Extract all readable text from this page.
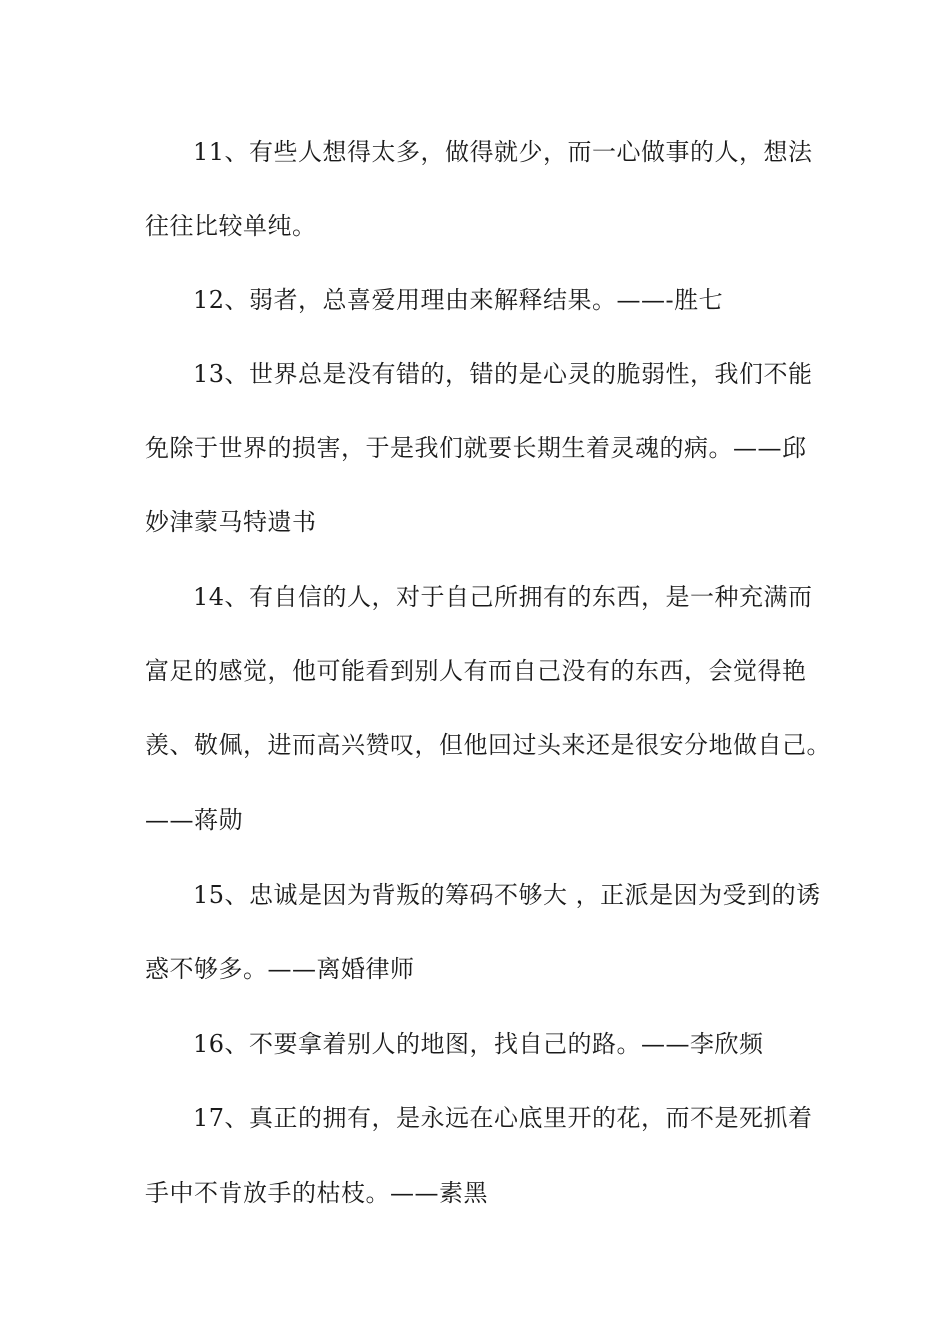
11、有些人想得太多，做得就少，而一心做事的人，想法
往往比较单纯。
12、弱者，总喜爱用理由来解释结果。——-胜七
13、世界总是没有错的，错的是心灵的脆弱性，我们不能
免除于世界的损害，于是我们就要长期生着灵魂的病。——邱
妙津蒙马特遗书
14、有自信的人，对于自己所拥有的东西，是一种充满而
富足的感觉，他可能看到别人有而自己没有的东西，会觉得艳
羡、敬佩，进而高兴赞叹，但他回过头来还是很安分地做自己。
——蒋勋
15、忠诚是因为背叛的筹码不够大 ，正派是因为受到的诱
惑不够多。——离婚律师
16、不要拿着别人的地图，找自己的路。——李欣频
17、真正的拥有，是永远在心底里开的花，而不是死抓着
手中不肯放手的枯枝。——素黑
